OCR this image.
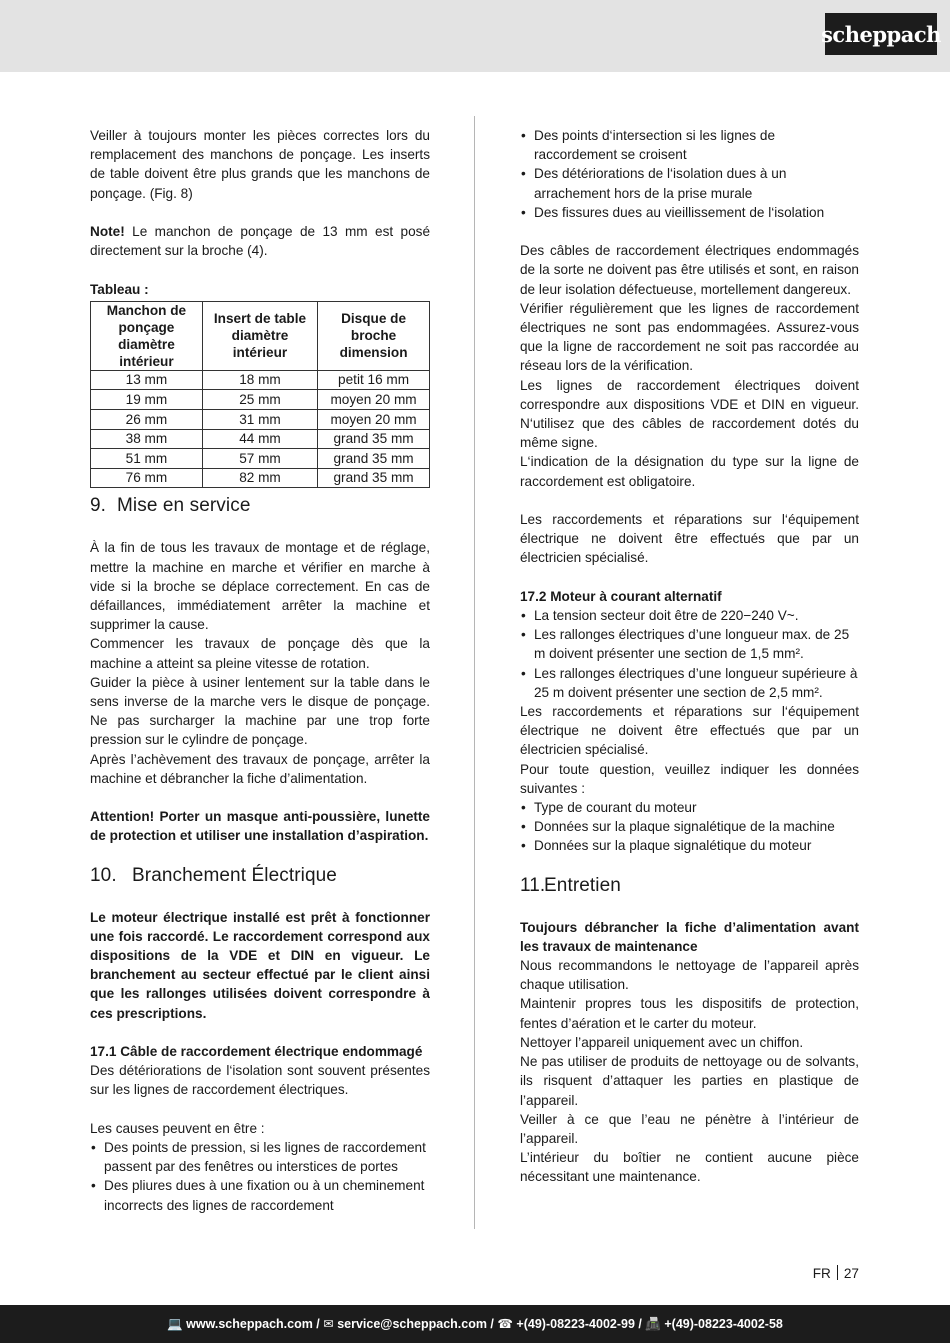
scheppach

Veiller à toujours monter les pièces correctes lors du remplacement des manchons de ponçage. Les inserts de table doivent être plus grands que les manchons de ponçage. (Fig. 8)

Note! Le manchon de ponçage de 13 mm est posé directement sur la broche (4).

Tableau :

Manchon de ponçage diamètre intérieur	Insert de table diamètre intérieur	Disque de broche dimension
13 mm	18 mm	petit 16 mm
19 mm	25 mm	moyen 20 mm
26 mm	31 mm	moyen 20 mm
38 mm	44 mm	grand 35 mm
51 mm	57 mm	grand 35 mm
76 mm	82 mm	grand 35 mm
9. Mise en service

À la fin de tous les travaux de montage et de réglage, mettre la machine en marche et vérifier en marche à vide si la broche se déplace correctement. En cas de défaillances, immédiatement arrêter la machine et supprimer la cause.

Commencer les travaux de ponçage dès que la machine a atteint sa pleine vitesse de rotation.

Guider la pièce à usiner lentement sur la table dans le sens inverse de la marche vers le disque de ponçage. Ne pas surcharger la machine par une trop forte pression sur le cylindre de ponçage.

Après l’achèvement des travaux de ponçage, arrêter la machine et débrancher la fiche d’alimentation.

Attention! Porter un masque anti-poussière, lunette de protection et utiliser une installation d’aspiration.

10. Branchement Électrique

Le moteur électrique installé est prêt à fonctionner une fois raccordé. Le raccordement correspond aux dispositions de la VDE et DIN en vigueur. Le branchement au secteur effectué par le client ainsi que les rallonges utilisées doivent correspondre à ces prescriptions.

17.1 Câble de raccordement électrique endommagé

Des détériorations de l‘isolation sont souvent présentes sur les lignes de raccordement électriques.

Les causes peuvent en être :

• Des points de pression, si les lignes de raccordement passent par des fenêtres ou interstices de portes
• Des pliures dues à une fixation ou à un cheminement incorrects des lignes de raccordement
• Des points d‘intersection si les lignes de raccordement se croisent
• Des détériorations de l‘isolation dues à un arrachement hors de la prise murale
• Des fissures dues au vieillissement de l‘isolation

Des câbles de raccordement électriques endommagés de la sorte ne doivent pas être utilisés et sont, en raison de leur isolation défectueuse, mortellement dangereux.

Vérifier régulièrement que les lignes de raccordement électriques ne sont pas endommagées. Assurez-vous que la ligne de raccordement ne soit pas raccordée au réseau lors de la vérification.

Les lignes de raccordement électriques doivent correspondre aux dispositions VDE et DIN en vigueur. N‘utilisez que des câbles de raccordement dotés du même signe.

L‘indication de la désignation du type sur la ligne de raccordement est obligatoire.

Les raccordements et réparations sur l‘équipement électrique ne doivent être effectués que par un électricien spécialisé.

17.2 Moteur à courant alternatif

• La tension secteur doit être de 220−240 V~.
• Les rallonges électriques d’une longueur max. de 25 m doivent présenter une section de 1,5 mm².
• Les rallonges électriques d’une longueur supérieure à 25 m doivent présenter une section de 2,5 mm².

Les raccordements et réparations sur l‘équipement électrique ne doivent être effectués que par un électricien spécialisé.

Pour toute question, veuillez indiquer les données suivantes :

• Type de courant du moteur
• Données sur la plaque signalétique de la machine
• Données sur la plaque signalétique du moteur
11.Entretien

Toujours débrancher la fiche d’alimentation avant les travaux de maintenance

Nous recommandons le nettoyage de l’appareil après chaque utilisation.

Maintenir propres tous les dispositifs de protection, fentes d’aération et le carter du moteur.

Nettoyer l’appareil uniquement avec un chiffon.

Ne pas utiliser de produits de nettoyage ou de solvants, ils risquent d’attaquer les parties en plastique de l’appareil.

Veiller à ce que l’eau ne pénètre à l’intérieur de l’appareil.

L’intérieur du boîtier ne contient aucune pièce nécessitant une maintenance.

FR 27
💻 www.scheppach.com / ✉ service@scheppach.com / ☎ +(49)-08223-4002-99 / 📠 +(49)-08223-4002-58
